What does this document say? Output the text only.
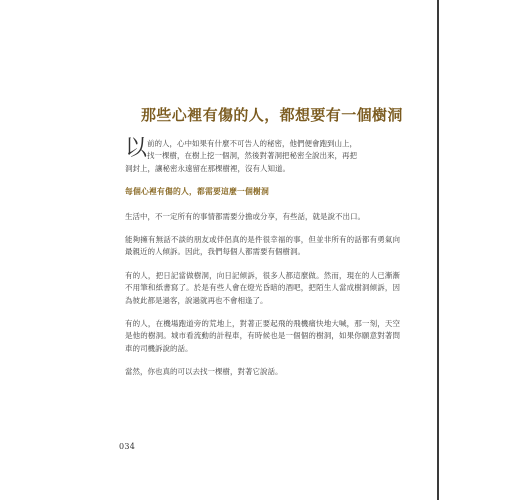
那些心裡有傷的人，都想要有一個樹洞
以 前的人，心中如果有什麼不可告人的秘密，他們便會跑到山上，
找一棵樹，在樹上挖一個洞，然後對著洞把秘密全說出來，再把
洞封上，讓秘密永遠留在那棵樹裡，沒有人知道。
每個心裡有傷的人，都需要這麼一個樹洞

生活中，不一定所有的事情都需要分擔或分享，有些話，就是說不出口。

能夠擁有無話不談的朋友或伴侶真的是件很幸福的事，但並非所有的話都有勇氣向最親近的人傾訴。因此，我們每個人都需要有個樹洞。

有的人，把日記當做樹洞，向日記傾訴，很多人都這麼做。然而，現在的人已漸漸不用筆和紙書寫了。於是有些人會在燈光昏暗的酒吧，把陌生人當成樹洞傾訴，因為彼此都是過客，說過就再也不會相逢了。

有的人，在機場跑道旁的荒地上，對著正要起飛的飛機痛快地大喊，那一刻，天空是他的樹洞。城市看流動的計程車，有時候也是一個個的樹洞，如果你願意對著問車的司機訴說的話。

當然，你也真的可以去找一棵樹，對著它說話。

034
